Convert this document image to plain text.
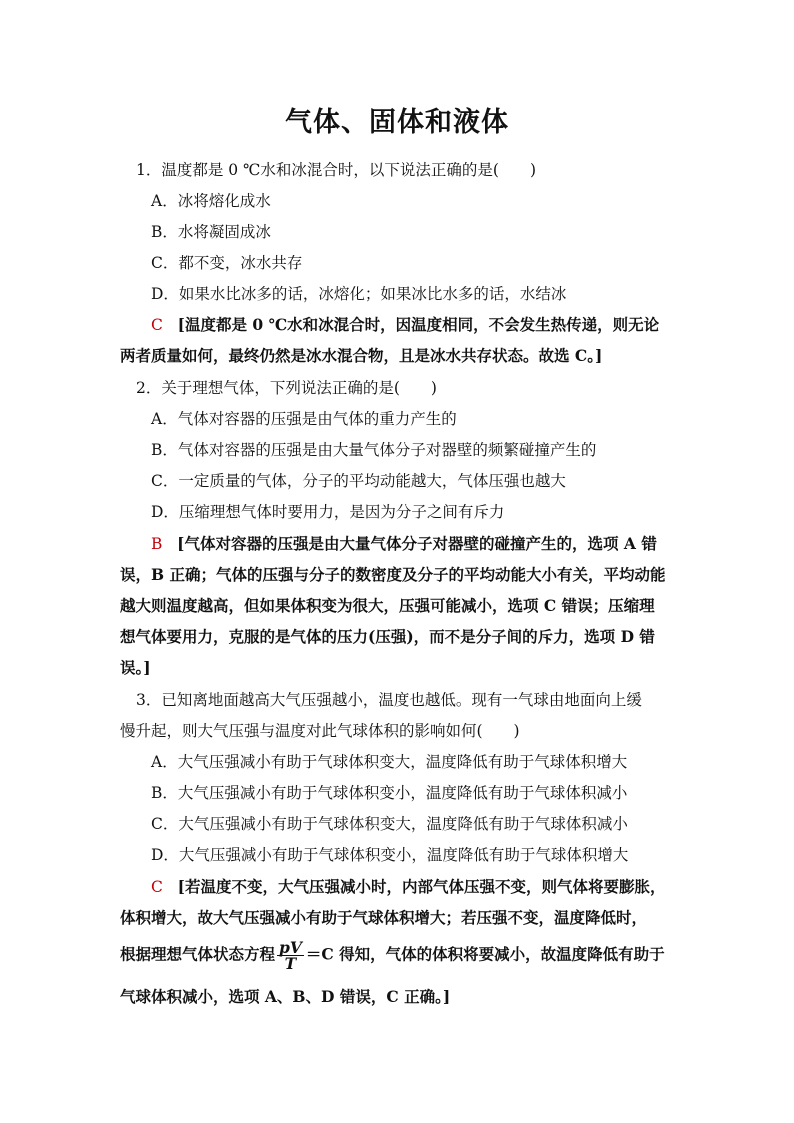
气体、固体和液体
1．温度都是 0 ℃水和冰混合时，以下说法正确的是(　　)
A．冰将熔化成水
B．水将凝固成冰
C．都不变，冰水共存
D．如果水比冰多的话，冰熔化；如果冰比水多的话，水结冰
C [温度都是 0 ℃水和冰混合时，因温度相同，不会发生热传递，则无论
两者质量如何，最终仍然是冰水混合物，且是冰水共存状态。故选 C。]
2．关于理想气体，下列说法正确的是(　　)
A．气体对容器的压强是由气体的重力产生的
B．气体对容器的压强是由大量气体分子对器壁的频繁碰撞产生的
C．一定质量的气体，分子的平均动能越大，气体压强也越大
D．压缩理想气体时要用力，是因为分子之间有斥力
B [气体对容器的压强是由大量气体分子对器壁的碰撞产生的，选项 A 错
误，B 正确；气体的压强与分子的数密度及分子的平均动能大小有关，平均动能
越大则温度越高，但如果体积变为很大，压强可能减小，选项 C 错误；压缩理
想气体要用力，克服的是气体的压力(压强)，而不是分子间的斥力，选项 D 错
误。]
3．已知离地面越高大气压强越小，温度也越低。现有一气球由地面向上缓
慢升起，则大气压强与温度对此气球体积的影响如何(　　)
A．大气压强减小有助于气球体积变大，温度降低有助于气球体积增大
B．大气压强减小有助于气球体积变小，温度降低有助于气球体积减小
C．大气压强减小有助于气球体积变大，温度降低有助于气球体积减小
D．大气压强减小有助于气球体积变小，温度降低有助于气球体积增大
C [若温度不变，大气压强减小时，内部气体压强不变，则气体将要膨胀，
体积增大，故大气压强减小有助于气球体积增大；若压强不变，温度降低时，
根据理想气体状态方程 $\frac{pV}{T} =C$ 得知，气体的体积将要减小，故温度降低有助于
气球体积减小，选项 A、B、D 错误，C 正确。]
